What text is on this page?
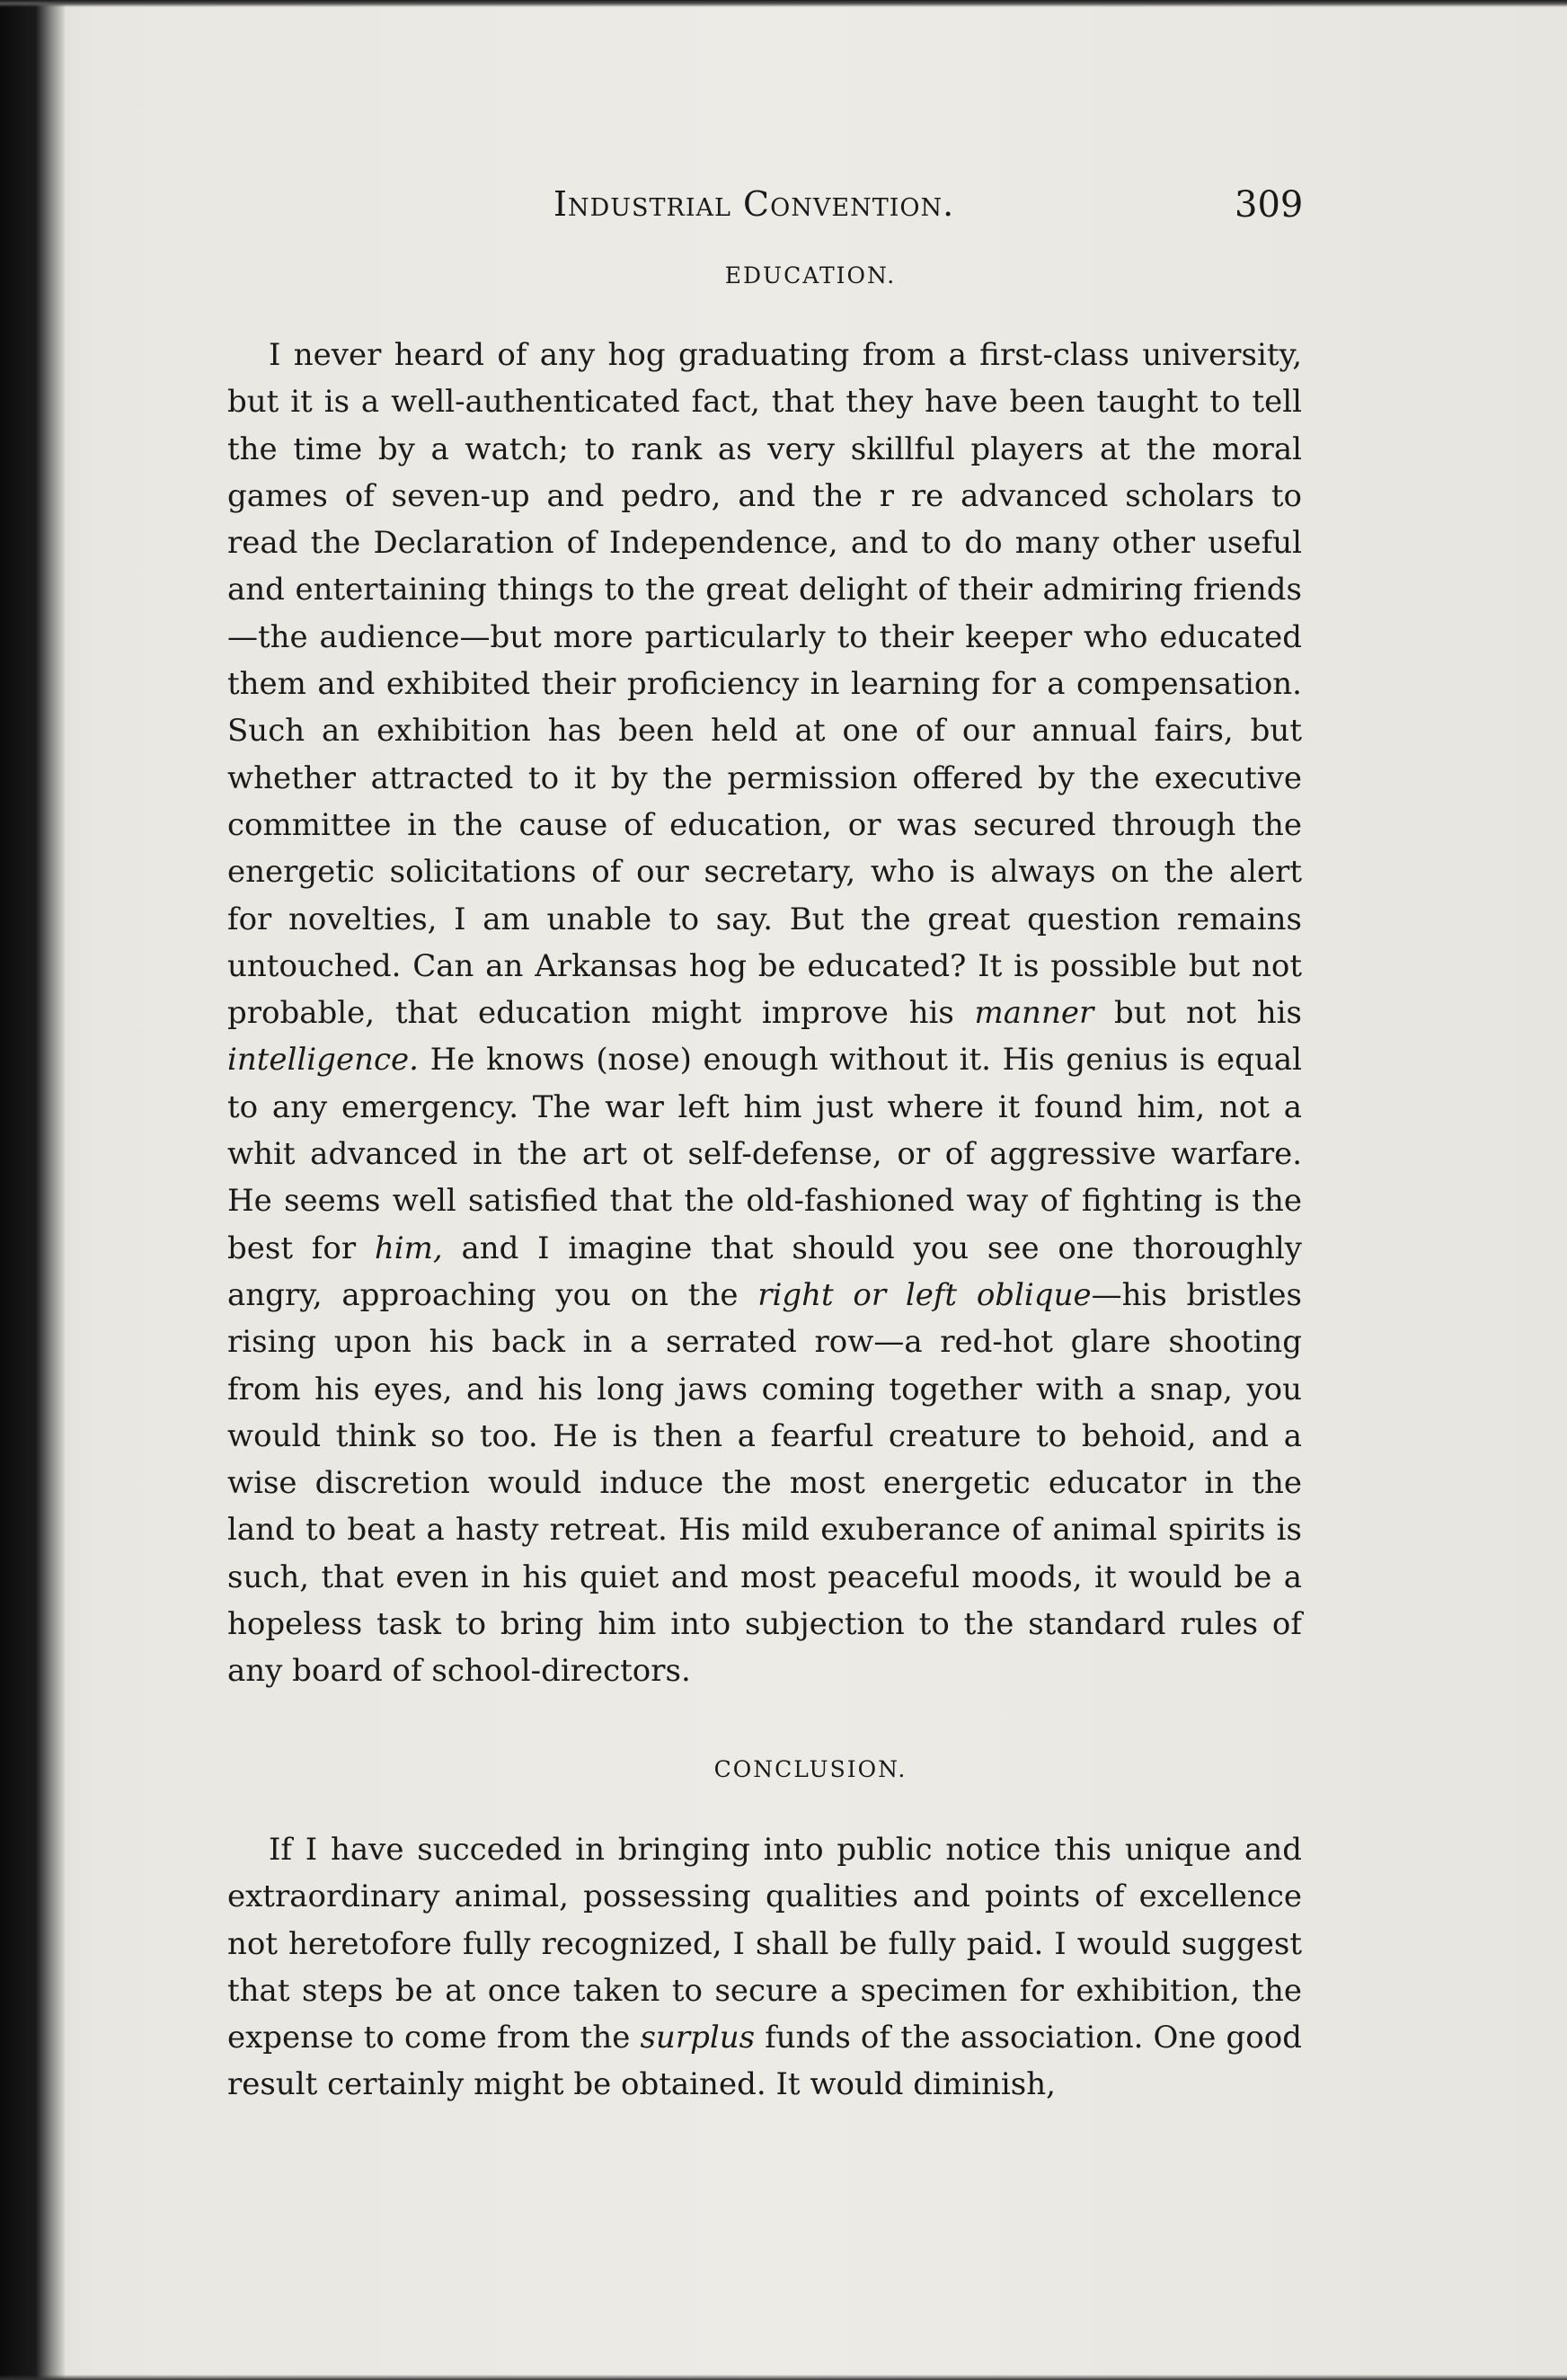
Industrial Convention.	309
EDUCATION.

I never heard of any hog graduating from a first-class university, but it is a well-authenticated fact, that they have been taught to tell the time by a watch; to rank as very skillful players at the moral games of seven-up and pedro, and the r re advanced scholars to read the Declaration of Independence, and to do many other useful and entertaining things to the great delight of their admiring friends—the audience—but more particularly to their keeper who educated them and exhibited their proficiency in learning for a compensation. Such an exhibition has been held at one of our annual fairs, but whether attracted to it by the permission offered by the executive committee in the cause of education, or was secured through the energetic solicitations of our secretary, who is always on the alert for novelties, I am unable to say. But the great question remains untouched. Can an Arkansas hog be educated? It is possible but not probable, that education might improve his manner but not his intelligence. He knows (nose) enough without it. His genius is equal to any emergency. The war left him just where it found him, not a whit advanced in the art ot self-defense, or of aggressive warfare. He seems well satisfied that the old-fashioned way of fighting is the best for him, and I imagine that should you see one thoroughly angry, approaching you on the right or left oblique—his bristles rising upon his back in a serrated row—a red-hot glare shooting from his eyes, and his long jaws coming together with a snap, you would think so too. He is then a fearful creature to behoid, and a wise discretion would induce the most energetic educator in the land to beat a hasty retreat. His mild exuberance of animal spirits is such, that even in his quiet and most peaceful moods, it would be a hopeless task to bring him into subjection to the standard rules of any board of school-directors.

CONCLUSION.

If I have succeded in bringing into public notice this unique and extraordinary animal, possessing qualities and points of excellence not heretofore fully recognized, I shall be fully paid. I would suggest that steps be at once taken to secure a specimen for exhibition, the expense to come from the surplus funds of the association. One good result certainly might be obtained. It would diminish,
